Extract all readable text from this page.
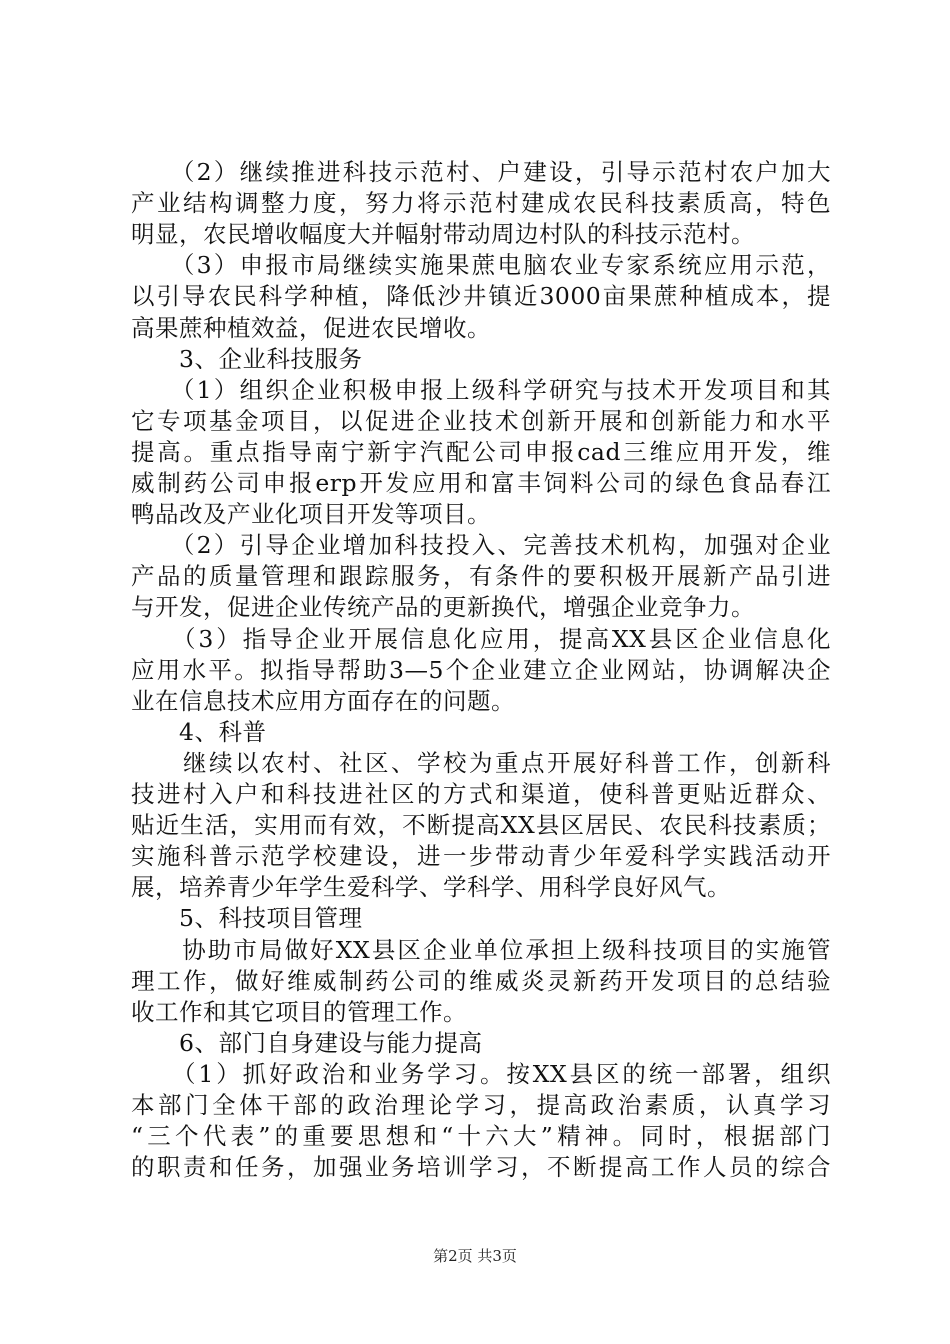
　　（2）继续推进科技示范村、户建设，引导示范村农户加大
产业结构调整力度，努力将示范村建成农民科技素质高，特色
明显，农民增收幅度大并幅射带动周边村队的科技示范村。
　　（3）申报市局继续实施果蔗电脑农业专家系统应用示范，
以引导农民科学种植，降低沙井镇近3000亩果蔗种植成本，提
高果蔗种植效益，促进农民增收。
　　3、企业科技服务
　　（1）组织企业积极申报上级科学研究与技术开发项目和其
它专项基金项目，以促进企业技术创新开展和创新能力和水平
提高。重点指导南宁新宇汽配公司申报cad三维应用开发，维
威制药公司申报erp开发应用和富丰饲料公司的绿色食品春江
鸭品改及产业化项目开发等项目。
　　（2）引导企业增加科技投入、完善技术机构，加强对企业
产品的质量管理和跟踪服务，有条件的要积极开展新产品引进
与开发，促进企业传统产品的更新换代，增强企业竞争力。
　　（3）指导企业开展信息化应用，提高XX县区企业信息化
应用水平。拟指导帮助3—5个企业建立企业网站，协调解决企
业在信息技术应用方面存在的问题。
　　4、科普
　　继续以农村、社区、学校为重点开展好科普工作，创新科
技进村入户和科技进社区的方式和渠道，使科普更贴近群众、
贴近生活，实用而有效，不断提高XX县区居民、农民科技素质；
实施科普示范学校建设，进一步带动青少年爱科学实践活动开
展，培养青少年学生爱科学、学科学、用科学良好风气。
　　5、科技项目管理
　　协助市局做好XX县区企业单位承担上级科技项目的实施管
理工作，做好维威制药公司的维威炎灵新药开发项目的总结验
收工作和其它项目的管理工作。
　　6、部门自身建设与能力提高
　　（1）抓好政治和业务学习。按XX县区的统一部署，组织
本部门全体干部的政治理论学习，提高政治素质，认真学习
“三个代表”的重要思想和“十六大”精神。同时，根据部门
的职责和任务，加强业务培训学习，不断提高工作人员的综合
第2页 共3页
